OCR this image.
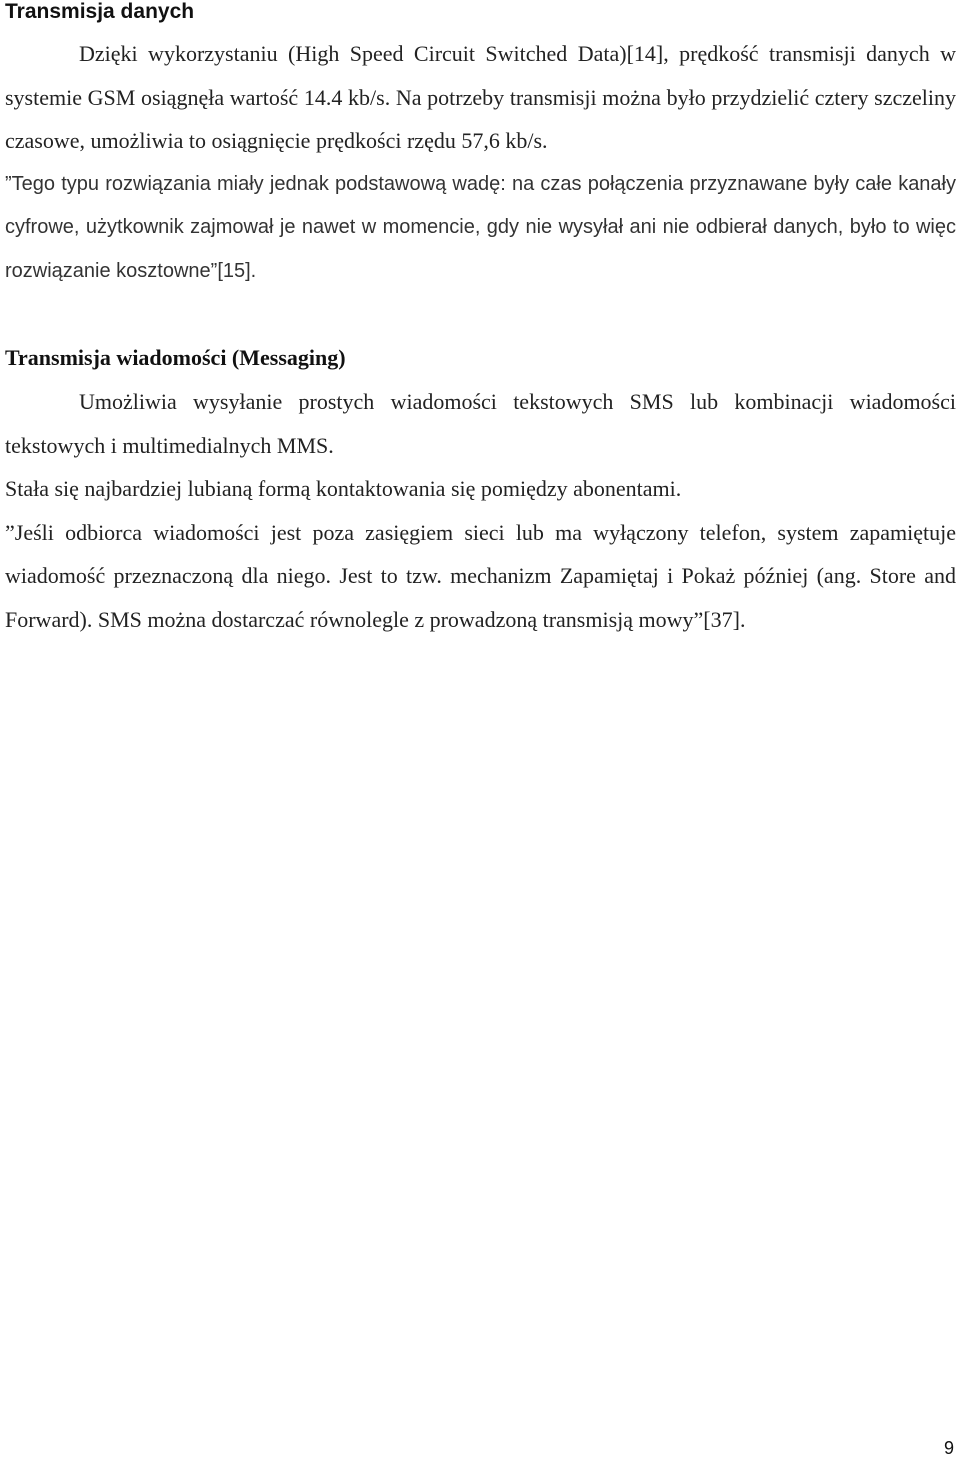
Transmisja danych

Dzięki wykorzystaniu (High Speed Circuit Switched Data)[14], prędkość transmisji danych w systemie GSM osiągnęła wartość 14.4 kb/s. Na potrzeby transmisji można było przydzielić cztery szczeliny czasowe, umożliwia to osiągnięcie prędkości rzędu 57,6 kb/s.

”Tego typu rozwiązania miały jednak podstawową wadę: na czas połączenia przyznawane były całe kanały cyfrowe, użytkownik zajmował je nawet w momencie, gdy nie wysyłał ani nie odbierał danych, było to więc rozwiązanie kosztowne”[15].

Transmisja wiadomości (Messaging)

Umożliwia wysyłanie prostych wiadomości tekstowych SMS lub kombinacji wiadomości tekstowych i multimedialnych MMS.

Stała się najbardziej lubianą formą kontaktowania się pomiędzy abonentami.

”Jeśli odbiorca wiadomości jest poza zasięgiem sieci lub ma wyłączony telefon, system zapamiętuje wiadomość przeznaczoną dla niego. Jest to tzw. mechanizm Zapamiętaj i Pokaż później (ang. Store and Forward). SMS można dostarczać równolegle z prowadzoną transmisją mowy”[37].

9
